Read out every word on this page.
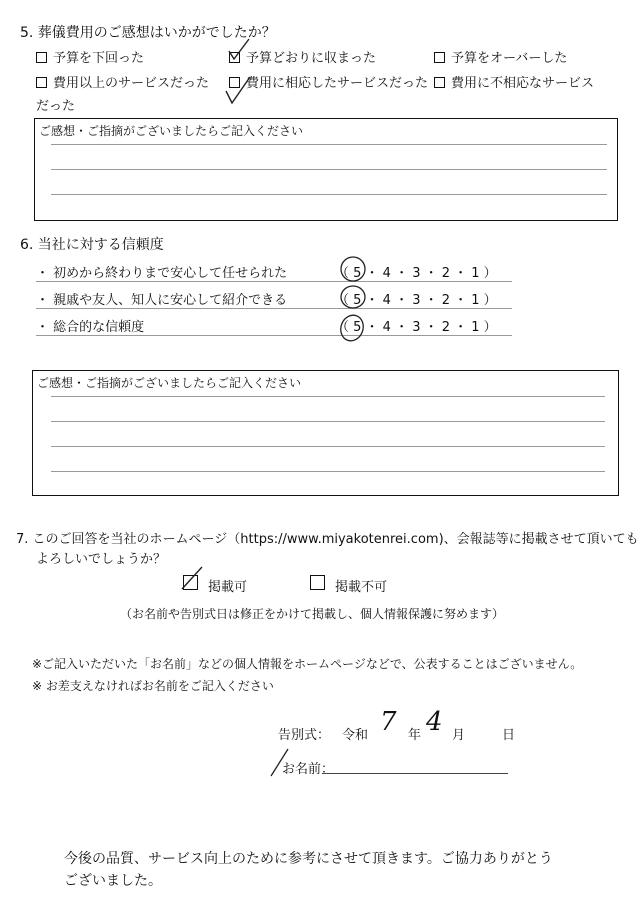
5. 葬儀費用のご感想はいかがでしたか？
予算を下回った	予算どおりに収まった	予算をオーバーした
費用以上のサービスだった	費用に相応したサービスだった	費用に不相応なサービス
だった
ご感想・ご指摘がございましたらご記入ください
6. 当社に対する信頼度
・ 初めから終わりまで安心して任せられた	（ 5 ・ 4 ・ 3 ・ 2 ・ 1 ）
・ 親戚や友人、知人に安心して紹介できる	（ 5 ・ 4 ・ 3 ・ 2 ・ 1 ）
・ 総合的な信頼度	（ 5 ・ 4 ・ 3 ・ 2 ・ 1 ）
ご感想・ご指摘がございましたらご記入ください
7. このご回答を当社のホームページ（https://www.miyakotenrei.com)、会報誌等に掲載させて頂いても
よろしいでしょうか？
掲載可	掲載不可
（お名前や告別式日は修正をかけて掲載し、個人情報保護に努めます）
※ご記入いただいた「お名前」などの個人情報をホームページなどで、公表することはございません。
※ お差支えなければお名前をご記入ください
告別式： 令和 7 年 4 月	日
お名前：
今後の品質、サービス向上のために参考にさせて頂きます。ご協力ありがとう
ございました。
